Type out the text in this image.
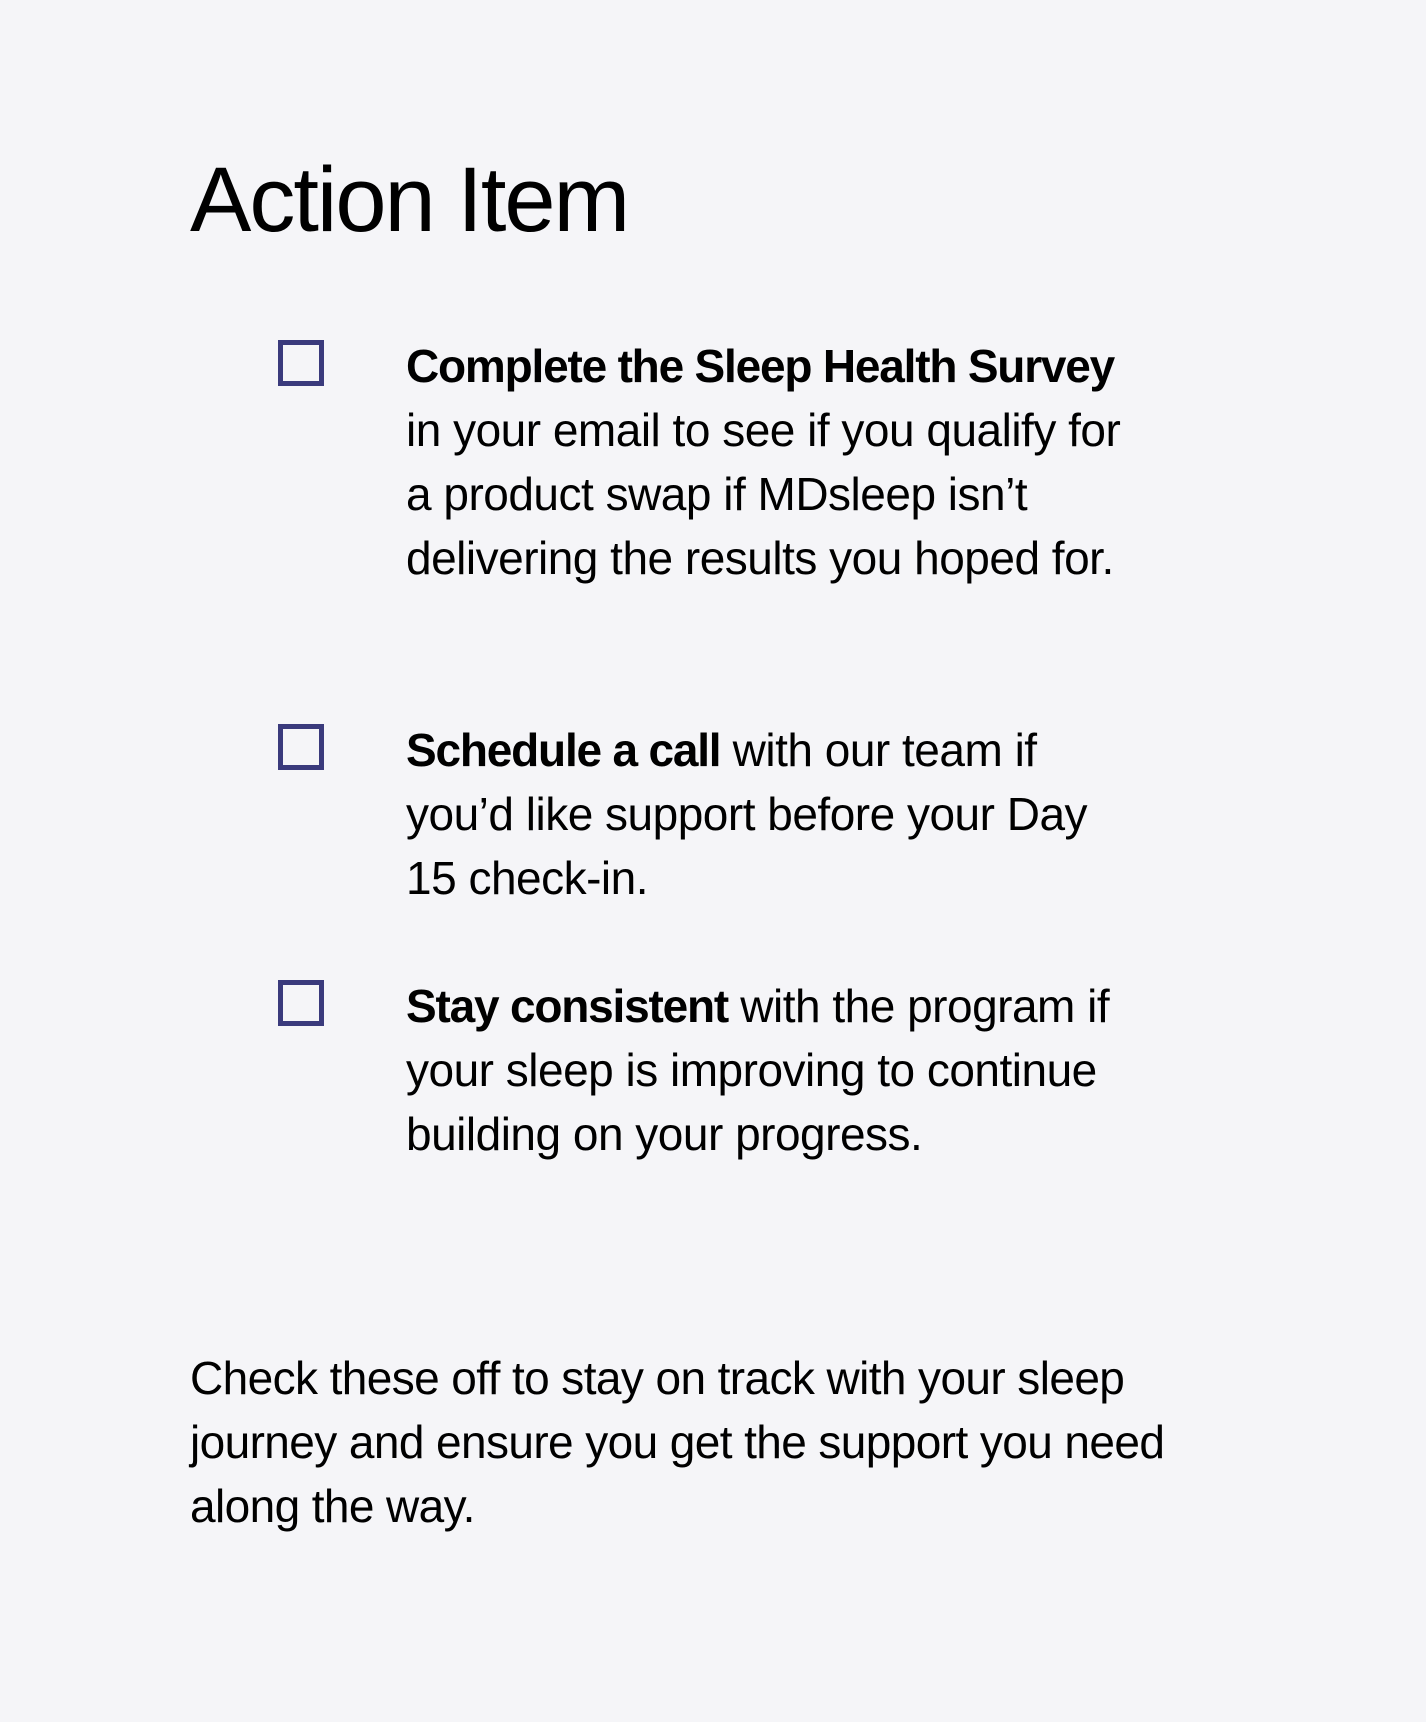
Action Item

Complete the Sleep Health Survey in your email to see if you qualify for a product swap if MDsleep isn’t delivering the results you hoped for.

Schedule a call with our team if you’d like support before your Day 15 check-in.

Stay consistent with the program if your sleep is improving to continue building on your progress.

Check these off to stay on track with your sleep journey and ensure you get the support you need along the way.
